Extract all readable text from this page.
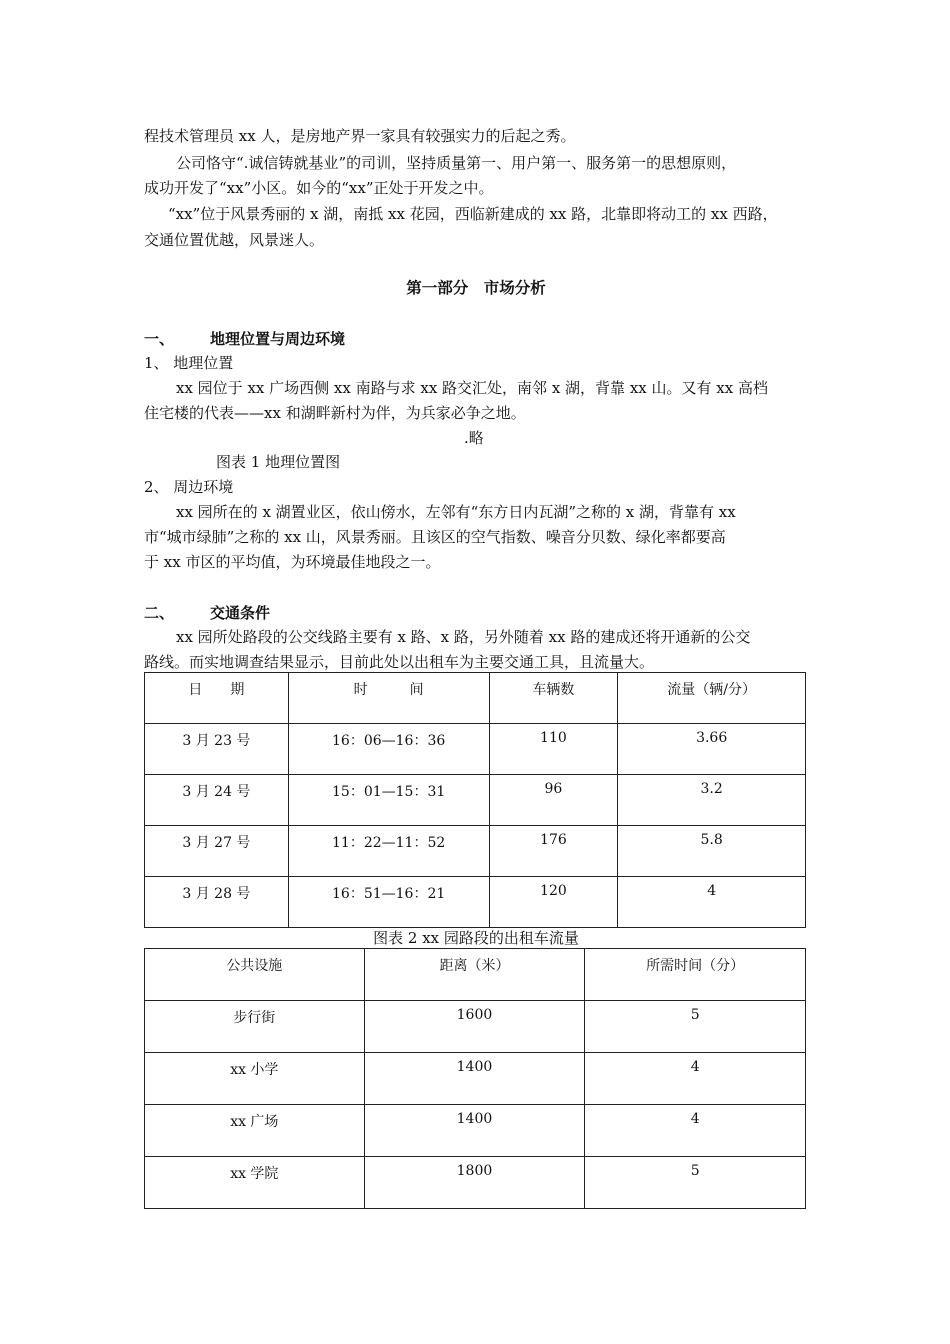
程技术管理员 xx 人，是房地产界一家具有较强实力的后起之秀。
公司恪守“.诚信铸就基业”的司训，坚持质量第一、用户第一、服务第一的思想原则，
成功开发了“xx”小区。如今的“xx”正处于开发之中。
“xx”位于风景秀丽的 x 湖，南抵 xx 花园，西临新建成的 xx 路，北靠即将动工的 xx 西路，
交通位置优越，风景迷人。
第一部分　市场分析
一、 地理位置与周边环境
1、 地理位置
xx 园位于 xx 广场西侧 xx 南路与求 xx 路交汇处，南邻 x 湖，背靠 xx 山。又有 xx 高档
住宅楼的代表——xx 和湖畔新村为伴，为兵家必争之地。
.略
图表 1 地理位置图
2、 周边环境
xx 园所在的 x 湖置业区，依山傍水，左邻有“东方日内瓦湖”之称的 x 湖，背靠有 xx
市“城市绿肺”之称的 xx 山，风景秀丽。且该区的空气指数、噪音分贝数、绿化率都要高
于 xx 市区的平均值，为环境最佳地段之一。
二、 交通条件
xx 园所处路段的公交线路主要有 x 路、x 路，另外随着 xx 路的建成还将开通新的公交
路线。而实地调查结果显示，目前此处以出租车为主要交通工具，且流量大。
日　　期	时　　　间	车辆数	流量（辆/分）
3 月 23 号	16：06—16：36	110	3.66
3 月 24 号	15：01—15：31	96	3.2
3 月 27 号	11：22—11：52	176	5.8
3 月 28 号	16：51—16：21	120	4
图表 2 xx 园路段的出租车流量
公共设施	距离（米）	所需时间（分）
步行街	1600	5
xx 小学	1400	4
xx 广场	1400	4
xx 学院	1800	5
